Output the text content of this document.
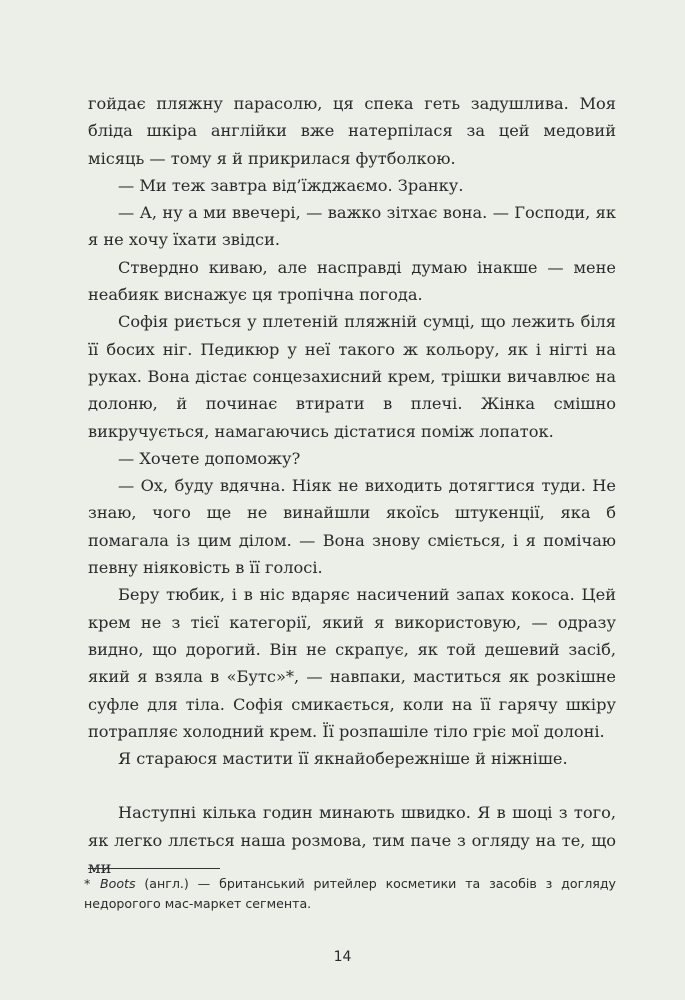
гойдає пляжну парасолю, ця спека геть задушлива. Моя бліда шкіра англійки вже натерпілася за цей медовий місяць — тому я й прикрилася футболкою.

— Ми теж завтра від’їжджаємо. Зранку.

— А, ну а ми ввечері, — важко зітхає вона. — Господи, як я не хочу їхати звідси.

Ствердно киваю, але насправді думаю інакше — мене неабияк виснажує ця тропічна погода.

Софія риється у плетеній пляжній сумці, що лежить біля її босих ніг. Педикюр у неї такого ж кольору, як і нігті на руках. Вона дістає сонцезахисний крем, трішки вичавлює на долоню, й починає втирати в плечі. Жінка смішно викручується, намагаючись дістатися поміж лопаток.

— Хочете допоможу?

— Ох, буду вдячна. Ніяк не виходить дотягтися туди. Не знаю, чого ще не винайшли якоїсь штукенції, яка б помагала із цим ділом. — Вона знову сміється, і я помічаю певну ніяковість в її голосі.

Беру тюбик, і в ніс вдаряє насичений запах кокоса. Цей крем не з тієї категорії, який я використовую, — одразу видно, що дорогий. Він не скрапує, як той дешевий засіб, який я взяла в «Бутс»*, — навпаки, мaститься як розкішне суфле для тіла. Софія смикається, коли на її гарячу шкіру потрапляє холодний крем. Її розпашіле тіло гріє мої долоні.

Я стараюся мастити її якнайобережніше й ніжніше.

Наступні кілька годин минають швидко. Я в шоці з того, як легко ллється наша розмова, тим паче з огляду на те, що ми

* Boots (англ.) — британський ритейлер косметики та засобів з догляду недорогого мас-маркет сегмента.
14
